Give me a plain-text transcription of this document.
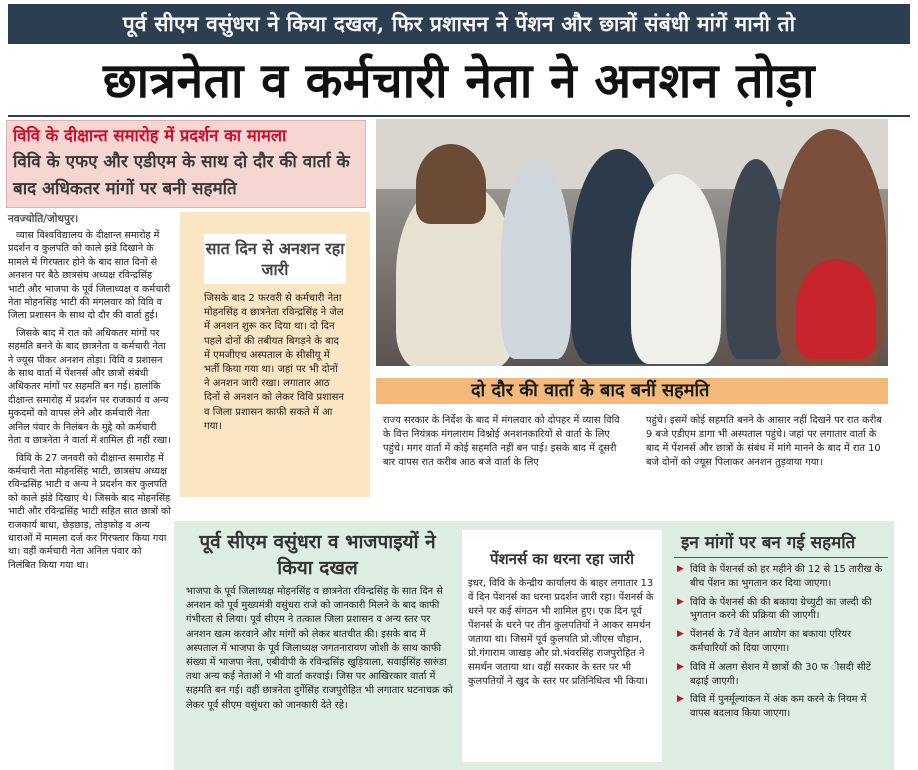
पूर्व सीएम वसुंधरा ने किया दखल, फिर प्रशासन ने पेंशन और छात्रों संबंधी मांगें मानी तो
छात्रनेता व कर्मचारी नेता ने अनशन तोड़ा
विवि के दीक्षान्त समारोह में प्रदर्शन का मामला
विवि के एफए और एडीएम के साथ दो दौर की वार्ता के बाद अधिकतर मांगों पर बनी सहमति
दो दौर की वार्ता के बाद बनीं सहमति
नवज्योति/जोधपुर।

व्यास विश्वविद्यालय के दीक्षान्त समारोह में प्रदर्शन व कुलपति को काले झंडे दिखाने के मामले में गिरफ्तार होने के बाद सात दिनों से अनशन पर बैठे छात्रसंघ अध्यक्ष रविन्द्रसिंह भाटी और भाजपा के पूर्व जिलाध्यक्ष व कर्मचारी नेता मोहनसिंह भाटी की मंगलवार को विवि व जिला प्रशासन के साथ दो दौर की वार्ता हुई।

जिसके बाद में रात को अधिकतर मांगों पर सहमति बनने के बाद छात्रनेता व कर्मचारी नेता ने ज्यूस पीकर अनशन तोड़ा। विवि व प्रशासन के साथ वार्ता में पेंशनर्स और छात्रों संबंधी अधिकतर मांगों पर सहमति बन गई। हालांकि दीक्षान्त समारोह में प्रदर्शन पर राजकार्य व अन्य मुकदमों को वापस लेने और कर्मचारी नेता अनिल पंवार के निलंबन के मुद्दे को कर्मचारी नेता व छात्रनेता ने वार्ता में शामिल ही नहीं रखा।

विवि के 27 जनवरी को दीक्षान्त समारोह में कर्मचारी नेता मोहनसिंह भाटी, छात्रसंघ अध्यक्ष रविन्द्रसिंह भाटी व अन्य ने प्रदर्शन कर कुलपति को काले झंडे दिखाए थे। जिसके बाद मोहनसिंह भाटी और रविन्द्रसिंह भाटी सहित सात छात्रों को राजकार्य बाधा, छेड़छाड़, तोड़फोड़ व अन्य धाराओं में मामला दर्ज कर गिरफ्तार किया गया था। वहीं कर्मचारी नेता अनिल पंवार को निलंबित किया गया था।

सात दिन से अनशन रहा जारी
जिसके बाद 2 फरवरी से कर्मचारी नेता मोहनसिंह व छात्रनेता रविन्द्रसिंह ने जेल में अनशन शुरू कर दिया था। दो दिन पहले दोनों की तबीयत बिगड़ने के बाद में एमजीएच अस्पताल के सीसीयू में भर्ती किया गया था। जहां पर भी दोनों ने अनशन जारी रखा। लगातार आठ दिनों से अनशन को लेकर विवि प्रशासन व जिला प्रशासन काफी सकते में आ गया।
राज्य सरकार के निर्देश के बाद में मंगलवार को दोपहर में व्यास विवि के वित्त नियंत्रक मंगलाराम विश्नोई अनशनकारियों से वार्ता के लिए पहुंचे। मगर वार्ता में कोई सहमति नहीं बन पाई। इसके बाद में दूसरी बार वापस रात करीब आठ बजे वार्ता के लिए
पहुंचे। इसमें कोई सहमति बनने के आसार नहीं दिखने पर रात करीब 9 बजे एडीएम डागा भी अस्पताल पहुंचे। जहां पर लगातार वार्ता के बाद में पेंशनर्स और छात्रों के संबंध में मांगे मानने के बाद में रात 10 बजे दोनों को ज्यूस पिलाकर अनशन तुड़वाया गया।
पूर्व सीएम वसुंधरा व भाजपाइयों ने किया दखल
भाजपा के पूर्व जिलाध्यक्ष मोहनसिंह व छात्रनेता रविन्द्रसिंह के सात दिन से अनशन को पूर्व मुख्यमंत्री वसुंधरा राजे को जानकारी मिलने के बाद काफी गंभीरता से लिया। पूर्व सीएम ने तत्काल जिला प्रशासन व अन्य स्तर पर अनशन खत्म करवाने और मांगों को लेकर बातचीत की। इसके बाद में अस्पताल में भाजपा के पूर्व जिलाध्यक्ष जगतनारायण जोशी के साथ काफी संख्या में भाजपा नेता, एबीवीपी के रविन्द्रसिंह खुड़ियाला, सवाईसिंह सारुंडा तथा अन्य कई नेताओं ने भी वार्ता करवाई। जिस पर आखिरकार वार्ता में सहमति बन गई। वहीं छात्रनेता दुर्गेसिंह राजपुरोहित भी लगातार घटनाचक्र को लेकर पूर्व सीएम वसुंधरा को जानकारी देते रहे।
पेंशनर्स का धरना रहा जारी
इधर, विवि के केन्द्रीय कार्यालय के बाहर लगातार 13 वें दिन पेंशनर्स का धरना प्रदर्शन जारी रहा। पेंशनर्स के धरने पर कई संगठन भी शामिल हुए। एक दिन पूर्व पेंशनर्स के धरने पर तीन कुलपतियों ने आकर समर्थन जताया था। जिसमें पूर्व कुलपति प्रो.जीएस चौहान, प्रो.गंगाराम जाखड़ और प्रो.भंवरसिंह राजपुरोहित ने समर्थन जताया था। वहीं सरकार के स्तर पर भी कुलपतियों ने खुद के स्तर पर प्रतिनिधित्व भी किया।
इन मांगों पर बन गई सहमति
▶ विवि के पेंशनर्स को हर महीने की 12 से 15 तारीख के बीच पेंशन का भुगतान कर दिया जाएगा।
▶ विवि के पेंशनर्स की की बकाया ग्रेच्युटी का जल्दी की भुगतान करने की प्रक्रिया की जाएगी।
▶ पेंशनर्स के 7वें वेतन आयोग का बकाया एरियर कर्मचारियों को दिया जाएगा।
▶ विवि में अलग सेशन में छात्रों की 30 फ ीसदी सीटें बढ़ाई जाएगी।
▶ विवि में पुनर्मूल्यांकन में अंक कम करने के नियम में वापस बदलाव किया जाएगा।
